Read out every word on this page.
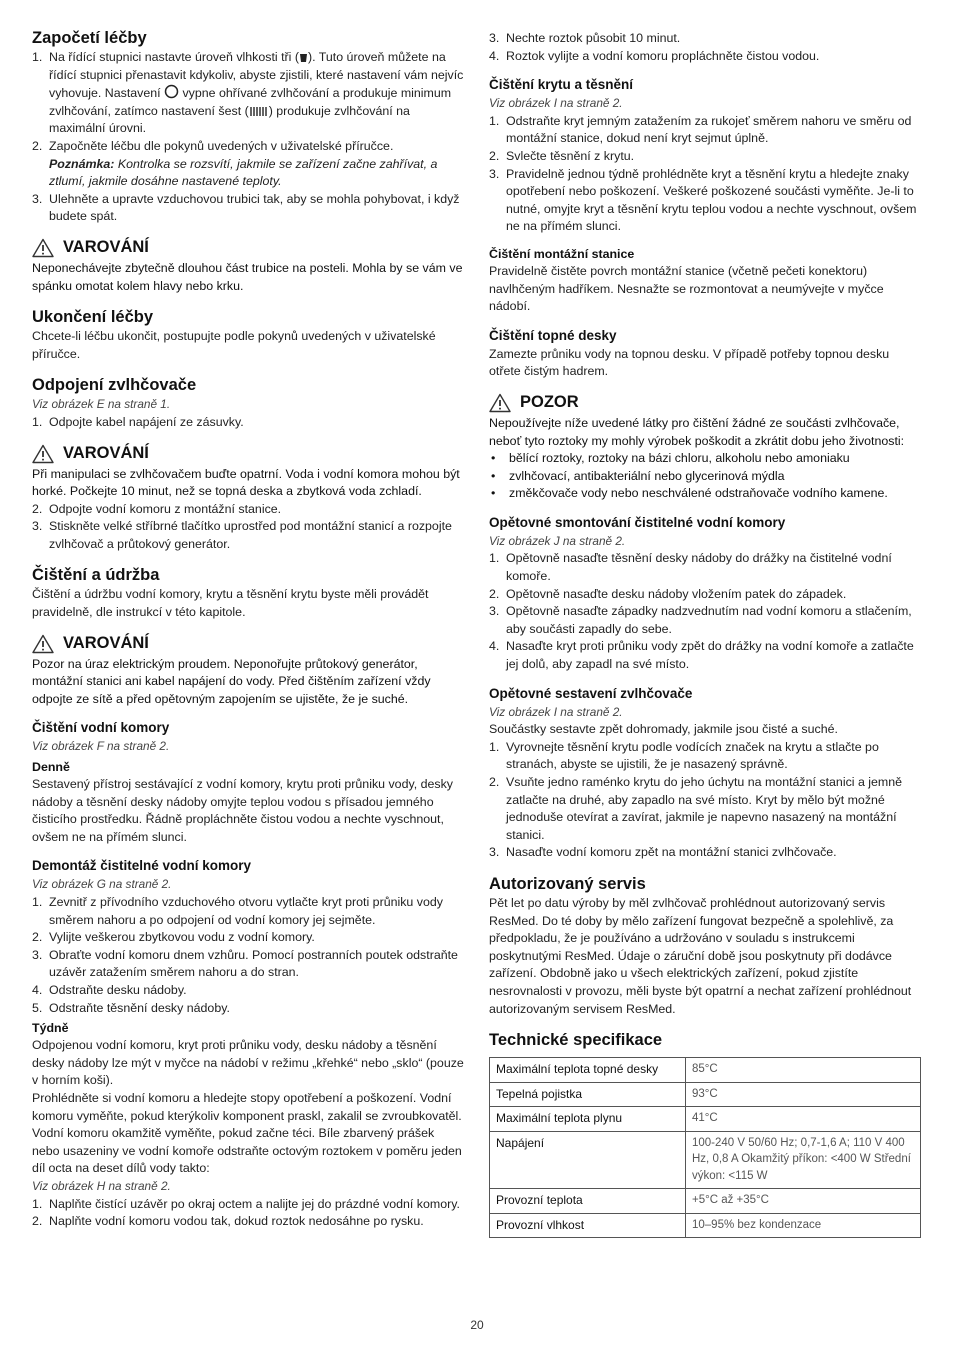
Započetí léčby
1. Na řídící stupnici nastavte úroveň vlhkosti tři ( ). Tuto úroveň můžete na řídící stupnici přenastavit kdykoliv, abyste zjistili, které nastavení vám nejvíc vyhovuje. Nastavení  vypne ohřívané zvlhčování a produkuje minimum zvlhčování, zatímco nastavení šest ( ) produkuje zvlhčování na maximální úrovni.
2. Započněte léčbu dle pokynů uvedených v uživatelské příručce.
Poznámka: Kontrolka se rozsvítí, jakmile se zařízení začne zahřívat, a ztlumí, jakmile dosáhne nastavené teploty.
3. Ulehněte a upravte vzduchovou trubici tak, aby se mohla pohybovat, i když budete spát.
VAROVÁNÍ

Neponechávejte zbytečně dlouhou část trubice na posteli. Mohla by se vám ve spánku omotat kolem hlavy nebo krku.

Ukončení léčby

Chcete-li léčbu ukončit, postupujte podle pokynů uvedených v uživatelské příručce.

Odpojení zvlhčovače

Viz obrázek E na straně 1.

1. Odpojte kabel napájení ze zásuvky.
VAROVÁNÍ

Při manipulaci se zvlhčovačem buďte opatrní. Voda i vodní komora mohou být horké. Počkejte 10 minut, než se topná deska a zbytková voda zchladí.

2. Odpojte vodní komoru z montážní stanice.
3. Stiskněte velké stříbrné tlačítko uprostřed pod montážní stanicí a rozpojte zvlhčovač a průtokový generátor.
Čištění a údržba

Čištění a údržbu vodní komory, krytu a těsnění krytu byste měli provádět pravidelně, dle instrukcí v této kapitole.

VAROVÁNÍ

Pozor na úraz elektrickým proudem. Neponořujte průtokový generátor, montážní stanici ani kabel napájení do vody. Před čištěním zařízení vždy odpojte ze sítě a před opětovným zapojením se ujistěte, že je suché.

Čištění vodní komory

Viz obrázek F na straně 2.

Denně

Sestavený přístroj sestávající z vodní komory, krytu proti průniku vody, desky nádoby a těsnění desky nádoby omyjte teplou vodou s přísadou jemného čisticího prostředku. Řádně propláchněte čistou vodou a nechte vyschnout, ovšem ne na přímém slunci.

Demontáž čistitelné vodní komory

Viz obrázek G na straně 2.

1. Zevnitř z přívodního vzduchového otvoru vytlačte kryt proti průniku vody směrem nahoru a po odpojení od vodní komory jej sejměte.
2. Vylijte veškerou zbytkovou vodu z vodní komory.
3. Obraťte vodní komoru dnem vzhůru. Pomocí postranních poutek odstraňte uzávěr zatažením směrem nahoru a do stran.
4. Odstraňte desku nádoby.
5. Odstraňte těsnění desky nádoby.
Týdně

Odpojenou vodní komoru, kryt proti průniku vody, desku nádoby a těsnění desky nádoby lze mýt v myčce na nádobí v režimu „křehké“ nebo „sklo“ (pouze v horním koši).

Prohlédněte si vodní komoru a hledejte stopy opotřebení a poškození. Vodní komoru vyměňte, pokud kterýkoliv komponent praskl, zakalil se zvroubkovatěl. Vodní komoru okamžitě vyměňte, pokud začne téci. Bíle zbarvený prášek nebo usazeniny ve vodní komoře odstraňte octovým roztokem v poměru jeden díl octa na deset dílů vody takto:

Viz obrázek H na straně 2.

1. Naplňte čistící uzávěr po okraj octem a nalijte jej do prázdné vodní komory.
2. Naplňte vodní komoru vodou tak, dokud roztok nedosáhne po rysku.
3. Nechte roztok působit 10 minut.
4. Roztok vylijte a vodní komoru propláchněte čistou vodou.
Čištění krytu a těsnění

Viz obrázek I na straně 2.

1. Odstraňte kryt jemným zatažením za rukojeť směrem nahoru ve směru od montážní stanice, dokud není kryt sejmut úplně.
2. Svlečte těsnění z krytu.
3. Pravidelně jednou týdně prohlédněte kryt a těsnění krytu a hledejte znaky opotřebení nebo poškození. Veškeré poškozené součásti vyměňte. Je-li to nutné, omyjte kryt a těsnění krytu teplou vodou a nechte vyschnout, ovšem ne na přímém slunci.
Čištění montážní stanice

Pravidelně čistěte povrch montážní stanice (včetně pečeti konektoru) navlhčeným hadříkem. Nesnažte se rozmontovat a neumývejte v myčce nádobí.

Čištění topné desky

Zamezte průniku vody na topnou desku. V případě potřeby topnou desku otřete čistým hadrem.

POZOR

Nepoužívejte níže uvedené látky pro čištění žádné ze součásti zvlhčovače, neboť tyto roztoky my mohly výrobek poškodit a zkrátit dobu jeho životnosti:

• bělící roztoky, roztoky na bázi chloru, alkoholu nebo amoniaku
• zvlhčovací, antibakteriální nebo glycerinová mýdla
• změkčovače vody nebo neschválené odstraňovače vodního kamene.
Opětovné smontování čistitelné vodní komory

Viz obrázek J na straně 2.

1. Opětovně nasaďte těsnění desky nádoby do drážky na čistitelné vodní komoře.
2. Opětovně nasaďte desku nádoby vložením patek do západek.
3. Opětovně nasaďte západky nadzvednutím nad vodní komoru a stlačením, aby součásti zapadly do sebe.
4. Nasaďte kryt proti průniku vody zpět do drážky na vodní komoře a zatlačte jej dolů, aby zapadl na své místo.
Opětovné sestavení zvlhčovače

Viz obrázek I na straně 2.

Součástky sestavte zpět dohromady, jakmile jsou čisté a suché.

1. Vyrovnejte těsnění krytu podle vodících značek na krytu a stlačte po stranách, abyste se ujistili, že je nasazený správně.
2. Vsuňte jedno raménko krytu do jeho úchytu na montážní stanici a jemně zatlačte na druhé, aby zapadlo na své místo. Kryt by mělo být možné jednoduše otevírat a zavírat, jakmile je napevno nasazený na montážní stanici.
3. Nasaďte vodní komoru zpět na montážní stanici zvlhčovače.
Autorizovaný servis

Pět let po datu výroby by měl zvlhčovač prohlédnout autorizovaný servis ResMed. Do té doby by mělo zařízení fungovat bezpečně a spolehlivě, za předpokladu, že je používáno a udržováno v souladu s instrukcemi poskytnutými ResMed. Údaje o záruční době jsou poskytnuty při dodávce zařízení. Obdobně jako u všech elektrických zařízení, pokud zjistíte nesrovnalosti v provozu, měli byste být opatrní a nechat zařízení prohlédnout autorizovaným servisem ResMed.

Technické specifikace
Maximální teplota topné desky	85°C
Tepelná pojistka	93°C
Maximální teplota plynu	41°C
Napájení	100-240 V 50/60 Hz; 0,7-1,6 A; 110 V 400 Hz, 0,8 A Okamžitý příkon: <400 W Střední výkon: <115 W
Provozní teplota	+5°C až +35°C
Provozní vlhkost	10–95% bez kondenzace
20
